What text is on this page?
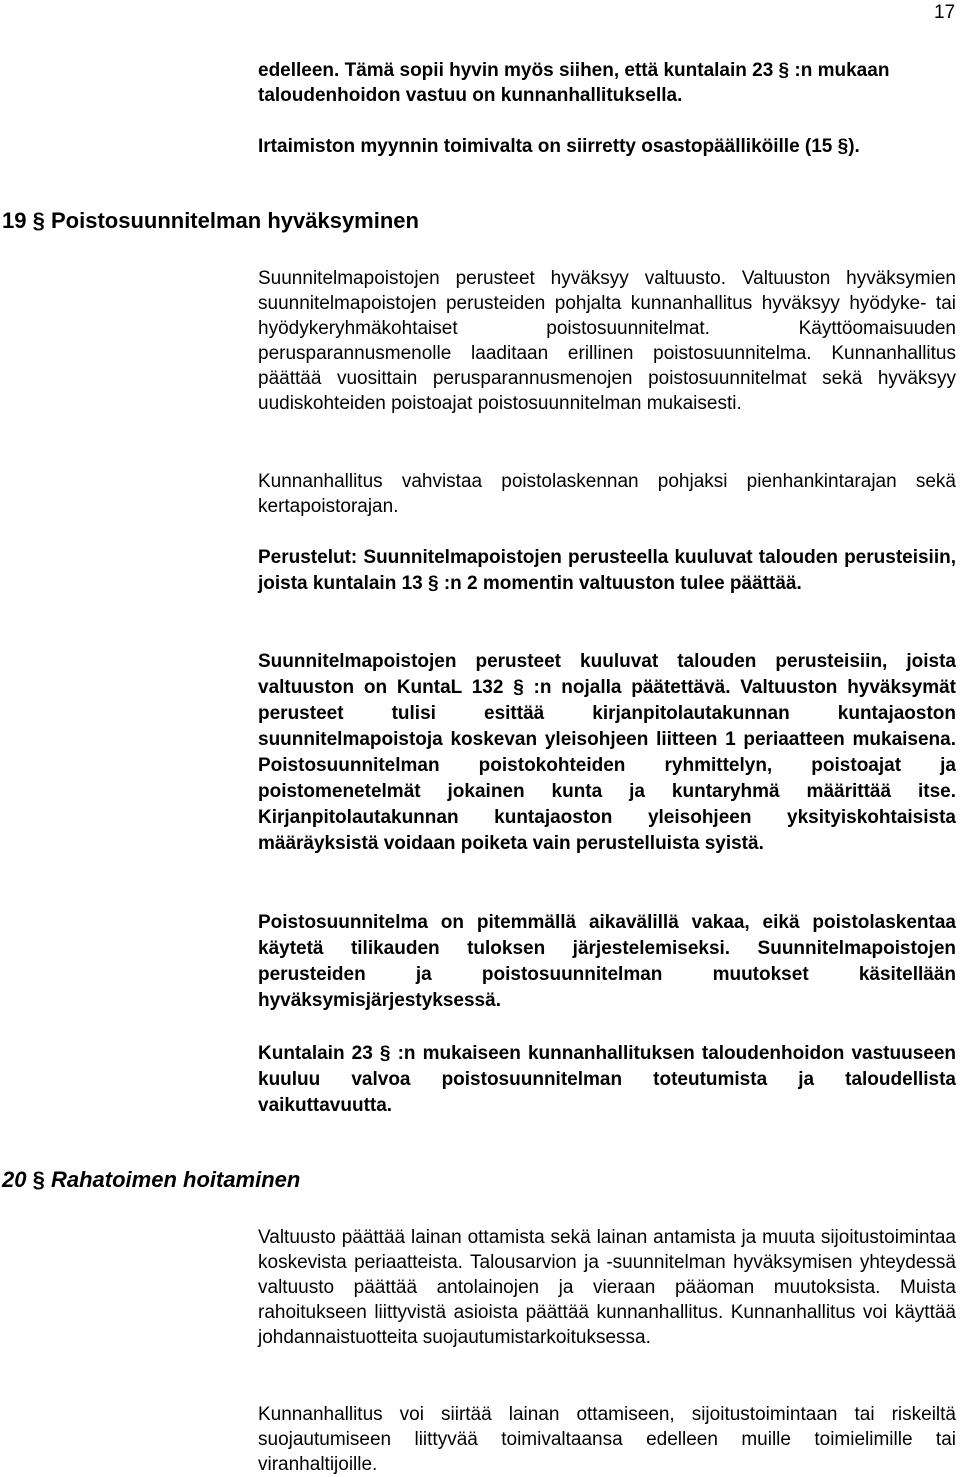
17
edelleen. Tämä sopii hyvin myös siihen, että kuntalain 23 § :n mukaan taloudenhoidon vastuu on kunnanhallituksella.
Irtaimiston myynnin toimivalta on siirretty osastopäälliköille (15 §).
19 § Poistosuunnitelman hyväksyminen
Suunnitelmapoistojen perusteet hyväksyy valtuusto. Valtuuston hyväksymien suunnitelmapoistojen perusteiden pohjalta kunnanhallitus hyväksyy hyödyke- tai hyödykeryhmäkohtaiset poistosuunnitelmat. Käyttöomaisuuden perusparannusmenolle laaditaan erillinen poistosuunnitelma. Kunnanhallitus päättää vuosittain perusparannusmenojen poistosuunnitelmat sekä hyväksyy uudiskohteiden poistoajat poistosuunnitelman mukaisesti.
Kunnanhallitus vahvistaa poistolaskennan pohjaksi pienhankintarajan sekä kertapoistorajan.
Perustelut: Suunnitelmapoistojen perusteella kuuluvat talouden perusteisiin, joista kuntalain 13 § :n 2 momentin valtuuston tulee päättää.
Suunnitelmapoistojen perusteet kuuluvat talouden perusteisiin, joista valtuuston on KuntaL 132 § :n nojalla päätettävä. Valtuuston hyväksymät perusteet tulisi esittää kirjanpitolautakunnan kuntajaoston suunnitelmapoistoja koskevan yleisohjeen liitteen 1 periaatteen mukaisena. Poistosuunnitelman poistokohteiden ryhmittelyn, poistoajat ja poistomenetelmät jokainen kunta ja kuntaryhmä määrittää itse. Kirjanpitolautakunnan kuntajaoston yleisohjeen yksityiskohtaisista määräyksistä voidaan poiketa vain perustelluista syistä.
Poistosuunnitelma on pitemmällä aikavälillä vakaa, eikä poistolaskentaa käytetä tilikauden tuloksen järjestelemiseksi. Suunnitelmapoistojen perusteiden ja poistosuunnitelman muutokset käsitellään hyväksymisjärjestyksessä.
Kuntalain 23 § :n mukaiseen kunnanhallituksen taloudenhoidon vastuuseen kuuluu valvoa poistosuunnitelman toteutumista ja taloudellista vaikuttavuutta.
20 § Rahatoimen hoitaminen
Valtuusto päättää lainan ottamista sekä lainan antamista ja muuta sijoitustoimintaa koskevista periaatteista. Talousarvion ja -suunnitelman hyväksymisen yhteydessä valtuusto päättää antolainojen ja vieraan pääoman muutoksista. Muista rahoitukseen liittyvistä asioista päättää kunnanhallitus. Kunnanhallitus voi käyttää johdannaistuotteita suojautumistarkoituksessa.
Kunnanhallitus voi siirtää lainan ottamiseen, sijoitustoimintaan tai riskeiltä suojautumiseen liittyvää toimivaltaansa edelleen muille toimielimille tai viranhaltijoille.
